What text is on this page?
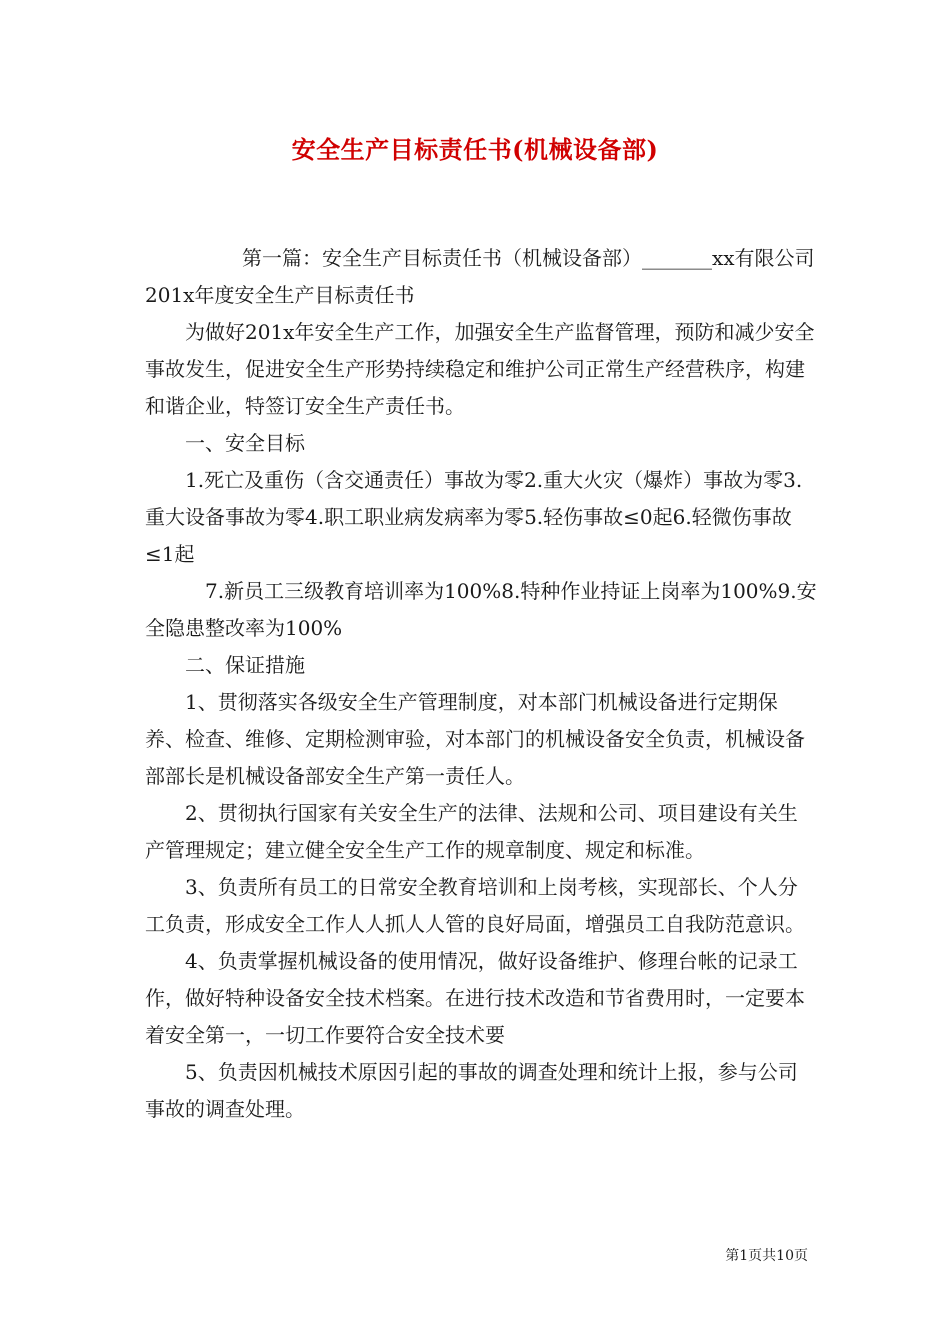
安全生产目标责任书(机械设备部)

第一篇：安全生产目标责任书（机械设备部）_______xx有限公司201x年度安全生产目标责任书

为做好201x年安全生产工作，加强安全生产监督管理，预防和减少安全事故发生，促进安全生产形势持续稳定和维护公司正常生产经营秩序，构建和谐企业，特签订安全生产责任书。

一、安全目标

1.死亡及重伤（含交通责任）事故为零2.重大火灾（爆炸）事故为零3.重大设备事故为零4.职工职业病发病率为零5.轻伤事故≤0起6.轻微伤事故≤1起

7.新员工三级教育培训率为100%8.特种作业持证上岗率为100%9.安全隐患整改率为100%

二、保证措施

1、贯彻落实各级安全生产管理制度，对本部门机械设备进行定期保养、检查、维修、定期检测审验，对本部门的机械设备安全负责，机械设备部部长是机械设备部安全生产第一责任人。

2、贯彻执行国家有关安全生产的法律、法规和公司、项目建设有关生产管理规定；建立健全安全生产工作的规章制度、规定和标准。

3、负责所有员工的日常安全教育培训和上岗考核，实现部长、个人分工负责，形成安全工作人人抓人人管的良好局面，增强员工自我防范意识。

4、负责掌握机械设备的使用情况，做好设备维护、修理台帐的记录工作，做好特种设备安全技术档案。在进行技术改造和节省费用时，一定要本着安全第一，一切工作要符合安全技术要

5、负责因机械技术原因引起的事故的调查处理和统计上报，参与公司事故的调查处理。

第1页共10页
